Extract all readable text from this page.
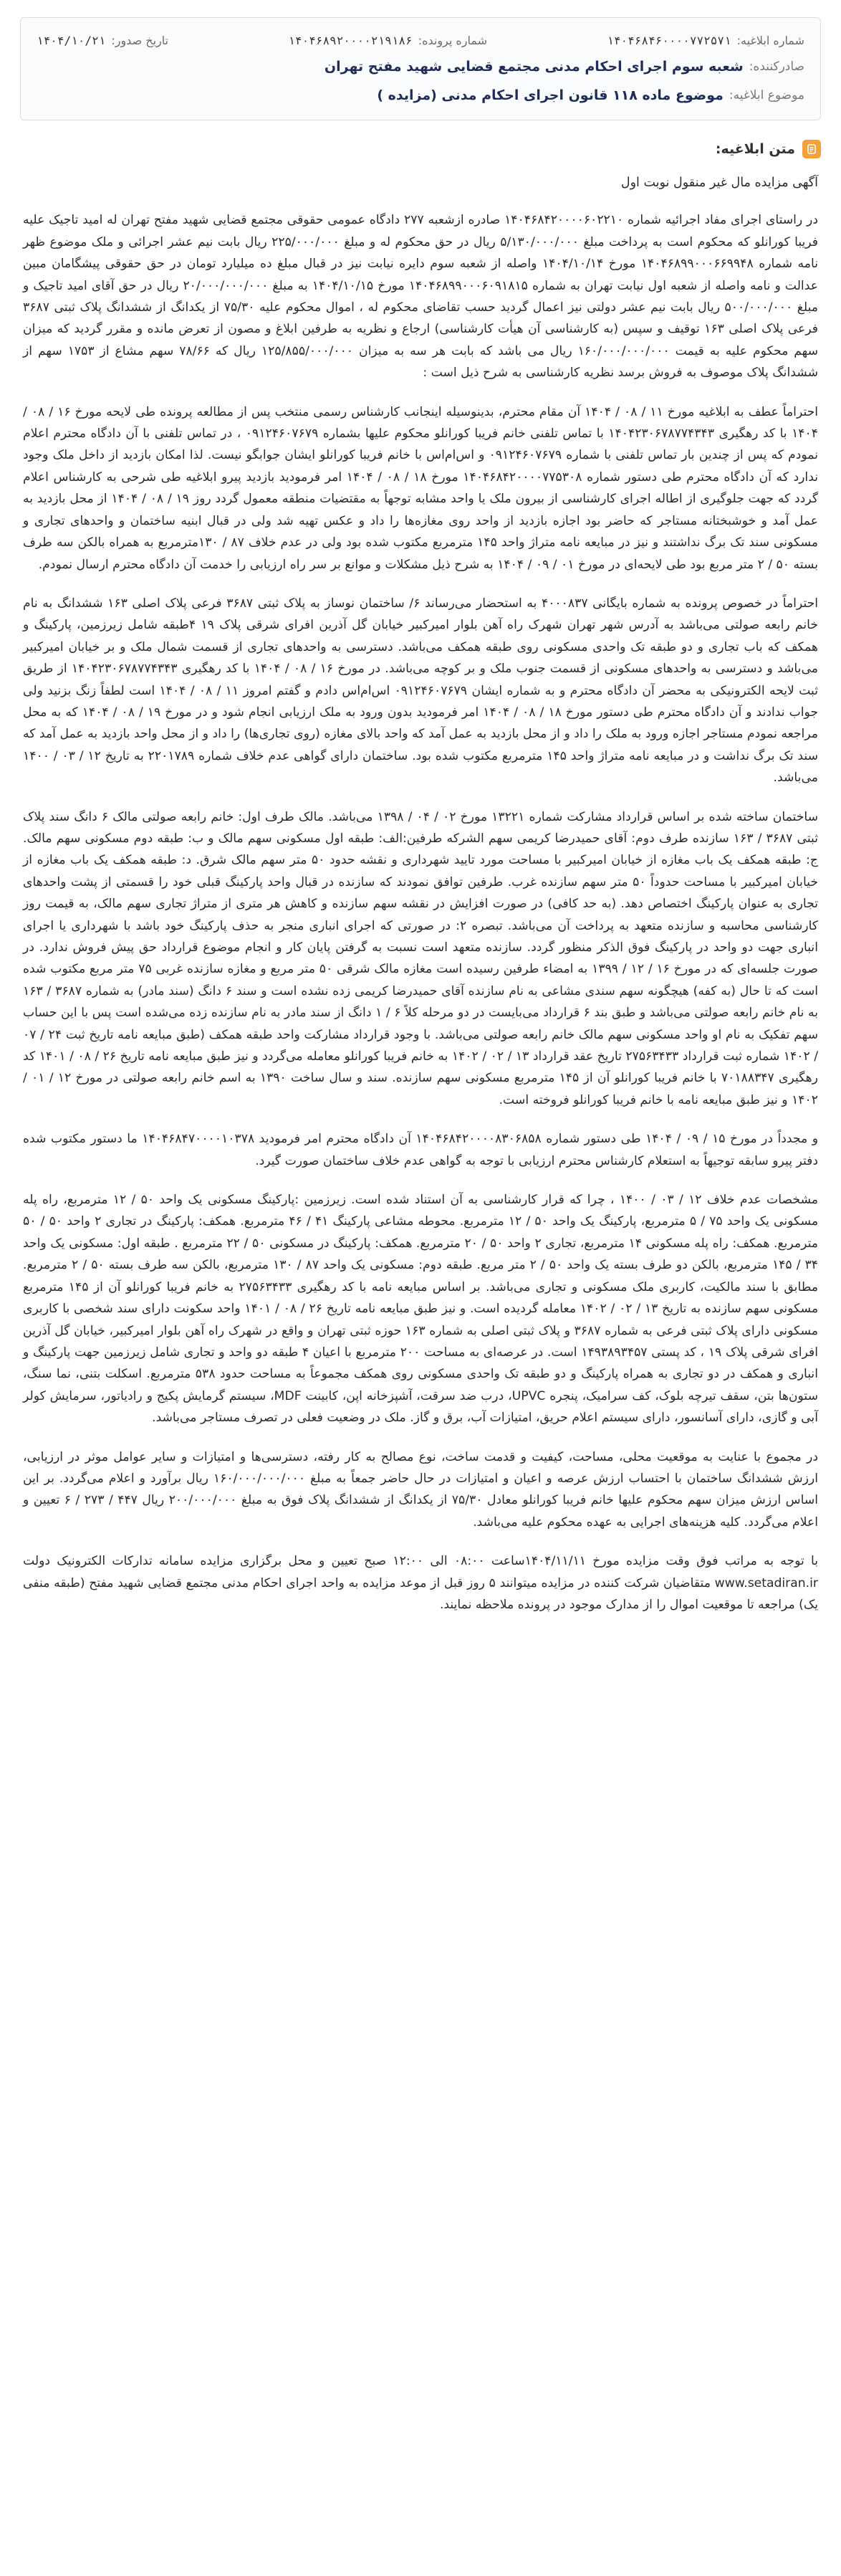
شماره ابلاغیه:
۱۴۰۴۶۸۴۶۰۰۰۰۷۷۲۵۷۱
شماره پرونده:
۱۴۰۴۶۸۹۲۰۰۰۰۲۱۹۱۸۶
تاریخ صدور:
۱۴۰۴/۱۰/۲۱
صادرکننده:
شعبه سوم اجرای احکام مدنی مجتمع قضایی شهید مفتح تهران
موضوع ابلاغیه:
موضوع ماده ۱۱۸ قانون اجرای احکام مدنی (مزایده )
متن ابلاغیه:
آگهی مزایده مال غیر منقول نوبت اول

در راستای اجرای مفاد اجرائیه شماره ۱۴۰۴۶۸۴۲۰۰۰۰۶۰۲۲۱۰ صادره ازشعبه ۲۷۷ دادگاه عمومی حقوقی مجتمع قضایی شهید مفتح تهران له امید تاجیک علیه فریبا کورانلو که محکوم است به پرداخت مبلغ ۵/۱۳۰/۰۰۰/۰۰۰ ریال در حق محکوم له و مبلغ ۲۲۵/۰۰۰/۰۰۰ ریال بابت نیم عشر اجرائی و ملک موضوع ظهر نامه شماره ۱۴۰۴۶۸۹۹۰۰۰۶۶۹۹۴۸ مورخ ۱۴۰۴/۱۰/۱۴ واصله از شعبه سوم دایره نیابت نیز در قبال مبلغ ده میلیارد تومان در حق حقوقی پیشگامان مبین عدالت و نامه واصله از شعبه اول نیابت تهران به شماره ۱۴۰۴۶۸۹۹۰۰۰۶۰۹۱۸۱۵ مورخ ۱۴۰۴/۱۰/۱۵ به مبلغ ۲۰/۰۰۰/۰۰۰/۰۰۰ ریال در حق آقای امید تاجیک و مبلغ ۵۰۰/۰۰۰/۰۰۰ ریال بابت نیم عشر دولتی نیز اعمال گردید حسب تقاضای محکوم له ، اموال محکوم علیه ۷۵/۳۰ از یکدانگ از ششدانگ پلاک ثبتی ۳۶۸۷ فرعی پلاک اصلی ۱۶۳ توقیف و سپس (به کارشناسی آن هیأت کارشناسی) ارجاع و نظریه به طرفین ابلاغ و مصون از تعرض مانده و مقرر گردید که میزان سهم محکوم علیه به قیمت ۱۶۰/۰۰۰/۰۰۰/۰۰۰ ریال می باشد که بابت هر سه به میزان ۱۲۵/۸۵۵/۰۰۰/۰۰۰ ریال که ۷۸/۶۶ سهم مشاع از ۱۷۵۳ سهم از ششدانگ پلاک موصوف به فروش برسد نظریه کارشناسی به شرح ذیل است :

احتراماً عطف به ابلاغیه مورخ ۱۱ / ۰۸ / ۱۴۰۴ آن مقام محترم، بدینوسیله اینجانب کارشناس رسمی منتخب پس از مطالعه پرونده طی لایحه مورخ ۱۶ / ۰۸ / ۱۴۰۴ با کد رهگیری ۱۴۰۴۲۳۰۶۷۸۷۷۴۳۴۳ با تماس تلفنی خانم فریبا کورانلو محکوم علیها بشماره ۰۹۱۲۴۶۰۷۶۷۹ ، در تماس تلفنی با آن دادگاه محترم اعلام نمودم که پس از چندین بار تماس تلفنی با شماره ۰۹۱۲۴۶۰۷۶۷۹ و اس‌ام‌اس با خانم فریبا کورانلو ایشان جوابگو نیست. لذا امکان بازدید از داخل ملک وجود ندارد که آن دادگاه محترم طی دستور شماره ۱۴۰۴۶۸۴۲۰۰۰۰۷۷۵۳۰۸ مورخ ۱۸ / ۰۸ / ۱۴۰۴ امر فرمودید بازدید پیرو ابلاغیه طی شرحی به کارشناس اعلام گردد که جهت جلوگیری از اطاله اجرای کارشناسی از بیرون ملک یا واحد مشابه توجهاً به مقتضیات منطقه معمول گردد روز ۱۹ / ۰۸ / ۱۴۰۴ از محل بازدید به عمل آمد و خوشبختانه مستاجر که حاضر بود اجازه بازدید از واحد روی مغازه‌ها را داد و عکس تهیه شد ولی در قبال ابنیه ساختمان و واحدهای تجاری و مسکونی سند تک برگ نداشتند و نیز در مبایعه نامه متراژ واحد ۱۴۵ مترمربع مکتوب شده بود ولی در عدم خلاف ۸۷ / ۱۳۰مترمربع به همراه بالکن سه طرف بسته ۵۰ / ۲ متر مربع بود طی لایحه‌ای در مورخ ۰۱ / ۰۹ / ۱۴۰۴ به شرح ذیل مشکلات و موانع بر سر راه ارزیابی را خدمت آن دادگاه محترم ارسال نمودم.

احتراماً در خصوص پرونده به شماره بایگانی ۴۰۰۰۸۳۷ به استحضار می‌رساند ۶/ ساختمان نوساز به پلاک ثبتی ۳۶۸۷ فرعی پلاک اصلی ۱۶۳ ششدانگ به نام خانم رابعه صولتی می‌باشد به آدرس شهر تهران شهرک راه آهن بلوار امیرکبیر خیابان گل آذرین افرای شرقی پلاک ۱۹ ۴طبقه شامل زیرزمین، پارکینگ و همکف که باب تجاری و دو طبقه تک واحدی مسکونی روی طبقه همکف می‌باشد. دسترسی به واحدهای تجاری از قسمت شمال ملک و بر خیابان امیرکبیر می‌باشد و دسترسی به واحدهای مسکونی از قسمت جنوب ملک و بر کوچه می‌باشد. در مورخ ۱۶ / ۰۸ / ۱۴۰۴ با کد رهگیری ۱۴۰۴۲۳۰۶۷۸۷۷۴۳۴۳ از طریق ثبت لایحه الکترونیکی به محضر آن دادگاه محترم و به شماره ایشان ۰۹۱۲۴۶۰۷۶۷۹ اس‌ام‌اس دادم و گفتم امروز ۱۱ / ۰۸ / ۱۴۰۴ است لطفاً زنگ بزنید ولی جواب ندادند و آن دادگاه محترم طی دستور مورخ ۱۸ / ۰۸ / ۱۴۰۴ امر فرمودید بدون ورود به ملک ارزیابی انجام شود و در مورخ ۱۹ / ۰۸ / ۱۴۰۴ که به محل مراجعه نمودم مستاجر اجازه ورود به ملک را داد و از محل بازدید به عمل آمد که واحد بالای مغازه (روی تجاری‌ها) را داد و از محل واحد بازدید به عمل آمد که سند تک برگ نداشت و در مبایعه نامه متراژ واحد ۱۴۵ مترمربع مکتوب شده بود. ساختمان دارای گواهی عدم خلاف شماره ۲۲۰۱۷۸۹ به تاریخ ۱۲ / ۰۳ / ۱۴۰۰ می‌باشد.

ساختمان ساخته شده بر اساس قرارداد مشارکت شماره ۱۳۲۲۱ مورخ ۰۲ / ۰۴ / ۱۳۹۸ می‌باشد. مالک طرف اول: خانم رابعه صولتی مالک ۶ دانگ سند پلاک ثبتی ۳۶۸۷ / ۱۶۳ سازنده طرف دوم: آقای حمیدرضا کریمی سهم الشرکه طرفین:الف: طبقه اول مسکونی سهم مالک و ب: طبقه دوم مسکونی سهم مالک. ج: طبقه همکف یک باب مغازه از خیابان امیرکبیر با مساحت مورد تایید شهرداری و نقشه حدود ۵۰ متر سهم مالک شرق. د: طبقه همکف یک باب مغازه از خیابان امیرکبیر با مساحت حدوداً ۵۰ متر سهم سازنده غرب. طرفین توافق نمودند که سازنده در قبال واحد پارکینگ قبلی خود را قسمتی از پشت واحدهای تجاری به عنوان پارکینگ اختصاص دهد. (به حد کافی) در صورت افزایش در نقشه سهم سازنده و کاهش هر متری از متراژ تجاری سهم مالک، به قیمت روز کارشناسی محاسبه و سازنده متعهد به پرداخت آن می‌باشد. تبصره ۲: در صورتی که اجرای انباری منجر به حذف پارکینگ خود باشد با شهرداری یا اجرای انباری جهت دو واحد در پارکینگ فوق الذکر منظور گردد. سازنده متعهد است نسبت به گرفتن پایان کار و انجام موضوع قرارداد حق پیش فروش ندارد. در صورت جلسه‌ای که در مورخ ۱۶ / ۱۲ / ۱۳۹۹ به امضاء طرفین رسیده است مغازه مالک شرقی ۵۰ متر مربع و مغازه سازنده غربی ۷۵ متر مربع مکتوب شده است که تا حال (به کفه) هیچگونه سهم سندی مشاعی به نام سازنده آقای حمیدرضا کریمی زده نشده است و سند ۶ دانگ (سند مادر) به شماره ۳۶۸۷ / ۱۶۳ به نام خانم رابعه صولتی می‌باشد و طبق بند ۶ قرارداد می‌بایست در دو مرحله کلاً ۶ / ۱ دانگ از سند مادر به نام سازنده زده می‌شده است پس با این حساب سهم تفکیک به نام او واحد مسکونی سهم مالک خانم رابعه صولتی می‌باشد. با وجود قرارداد مشارکت واحد طبقه همکف (طبق مبایعه نامه تاریخ ثبت ۲۴ / ۰۷ / ۱۴۰۲ شماره ثبت قرارداد ۲۷۵۶۳۴۳۳ تاریخ عقد قرارداد ۱۳ / ۰۲ / ۱۴۰۲ به خانم فریبا کورانلو معامله می‌گردد و نیز طبق مبایعه نامه تاریخ ۲۶ / ۰۸ / ۱۴۰۱ کد رهگیری ۷۰۱۸۸۳۴۷ با خانم فریبا کورانلو آن از ۱۴۵ مترمربع مسکونی سهم سازنده. سند و سال ساخت ۱۳۹۰ به اسم خانم رابعه صولتی در مورخ ۱۲ / ۰۱ / ۱۴۰۲ و نیز طبق مبایعه نامه با خانم فریبا کورانلو فروخته است.

و مجدداً در مورخ ۱۵ / ۰۹ / ۱۴۰۴ طی دستور شماره ۱۴۰۴۶۸۴۲۰۰۰۰۸۳۰۶۸۵۸ آن دادگاه محترم امر فرمودید ۱۴۰۴۶۸۴۷۰۰۰۰۱۰۳۷۸ ما دستور مکتوب شده دفتر پیرو سابقه توجیهاً به استعلام کارشناس محترم ارزیابی با توجه به گواهی عدم خلاف ساختمان صورت گیرد.

مشخصات عدم خلاف ۱۲ / ۰۳ / ۱۴۰۰ ، چرا که قرار کارشناسی به آن استناد شده است. زیرزمین :پارکینگ مسکونی یک واحد ۵۰ / ۱۲ مترمربع، راه پله مسکونی یک واحد ۷۵ / ۵ مترمربع، پارکینگ یک واحد ۵۰ / ۱۲ مترمربع. محوطه مشاعی پارکینگ ۴۱ / ۴۶ مترمربع. همکف: پارکینگ در تجاری ۲ واحد ۵۰ / ۵۰ مترمربع. همکف: راه پله مسکونی ۱۴ مترمربع، تجاری ۲ واحد ۵۰ / ۲۰ مترمربع. همکف: پارکینگ در مسکونی ۵۰ / ۲۲ مترمربع . طبقه اول: مسکونی یک واحد ۳۴ / ۱۴۵ مترمربع، بالکن دو طرف بسته یک واحد ۵۰ / ۲ متر مربع. طبقه دوم: مسکونی یک واحد ۸۷ / ۱۳۰ مترمربع، بالکن سه طرف بسته ۵۰ / ۲ مترمربع. مطابق با سند مالکیت، کاربری ملک مسکونی و تجاری می‌باشد. بر اساس مبایعه نامه با کد رهگیری ۲۷۵۶۳۴۳۳ به خانم فریبا کورانلو آن از ۱۴۵ مترمربع مسکونی سهم سازنده به تاریخ ۱۳ / ۰۲ / ۱۴۰۲ معامله گردیده است. و نیز طبق مبایعه نامه تاریخ ۲۶ / ۰۸ / ۱۴۰۱ واحد سکونت دارای سند شخصی با کاربری مسکونی دارای پلاک ثبتی فرعی به شماره ۳۶۸۷ و پلاک ثبتی اصلی به شماره ۱۶۳ حوزه ثبتی تهران و واقع در شهرک راه آهن بلوار امیرکبیر، خیابان گل آذرین افرای شرقی پلاک ۱۹ ، کد پستی ۱۴۹۳۸۹۳۴۵۷ است. در عرصه‌ای به مساحت ۲۰۰ مترمربع با اعیان ۴ طبقه دو واحد و تجاری شامل زیرزمین جهت پارکینگ و انباری و همکف در دو تجاری به همراه پارکینگ و دو طبقه تک واحدی مسکونی روی همکف مجموعاً به مساحت حدود ۵۳۸ مترمربع. اسکلت بتنی، نما سنگ، ستون‌ها بتن، سقف تیرچه بلوک، کف سرامیک، پنجره UPVC، درب ضد سرقت، آشپزخانه اپن، کابینت MDF، سیستم گرمایش پکیج و رادیاتور، سرمایش کولر آبی و گازی، دارای آسانسور، دارای سیستم اعلام حریق، امتیازات آب، برق و گاز. ملک در وضعیت فعلی در تصرف مستاجر می‌باشد.

در مجموع با عنایت به موقعیت محلی، مساحت، کیفیت و قدمت ساخت، نوع مصالح به کار رفته، دسترسی‌ها و امتیازات و سایر عوامل موثر در ارزیابی، ارزش ششدانگ ساختمان با احتساب ارزش عرصه و اعیان و امتیازات در حال حاضر جمعاً به مبلغ ۱۶۰/۰۰۰/۰۰۰/۰۰۰ ریال برآورد و اعلام می‌گردد. بر این اساس ارزش میزان سهم محکوم علیها خانم فریبا کورانلو معادل ۷۵/۳۰ از یکدانگ از ششدانگ پلاک فوق به مبلغ ۲۰۰/۰۰۰/۰۰۰ ریال ۴۴۷ / ۲۷۳ / ۶ تعیین و اعلام می‌گردد. کلیه هزینه‌های اجرایی به عهده محکوم علیه می‌باشد.

با توجه به مراتب فوق وقت مزایده مورخ ۱۴۰۴/۱۱/۱۱ساعت ۰۸:۰۰ الی ۱۲:۰۰ صبح تعیین و محل برگزاری مزایده سامانه تدارکات الکترونیک دولت www.setadiran.ir متقاضیان شرکت کننده در مزایده میتوانند ۵ روز قبل از موعد مزایده به واحد اجرای احکام مدنی مجتمع قضایی شهید مفتح (طبقه منفی یک) مراجعه تا موقعیت اموال را از مدارک موجود در پرونده ملاحظه نمایند.
